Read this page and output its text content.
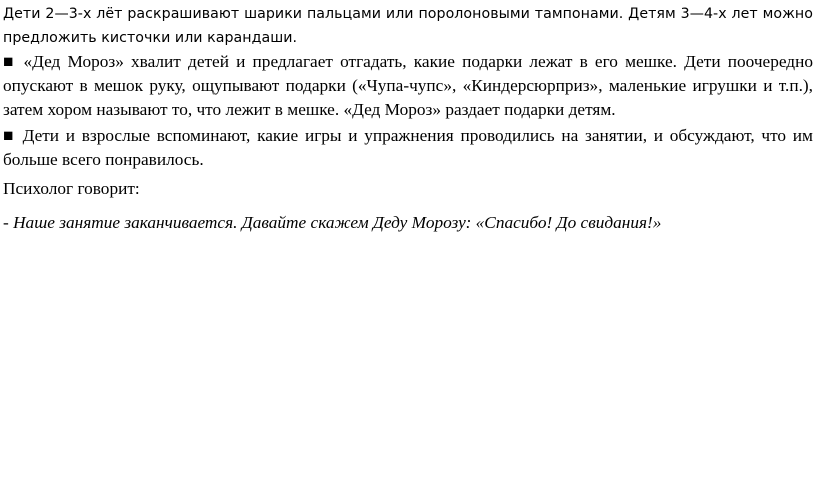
Дети 2—3-х лёт раскрашивают шарики пальцами или поролоновыми тампонами. Детям 3—4-х лет можно предложить кисточки или карандаши.

■ «Дед Мороз» хвалит детей и предлагает отгадать, какие подарки лежат в его мешке. Дети поочередно опускают в мешок руку, ощупывают подарки («Чупа-чупс», «Киндерсюрприз», маленькие игрушки и т.п.), затем хором называют то, что лежит в мешке. «Дед Мороз» раздает подарки детям.

■ Дети и взрослые вспоминают, какие игры и упражнения проводились на занятии, и обсуждают, что им больше всего понравилось.

Психолог говорит:

- Наше занятие заканчивается. Давайте скажем Деду Морозу: «Спасибо! До свидания!»
